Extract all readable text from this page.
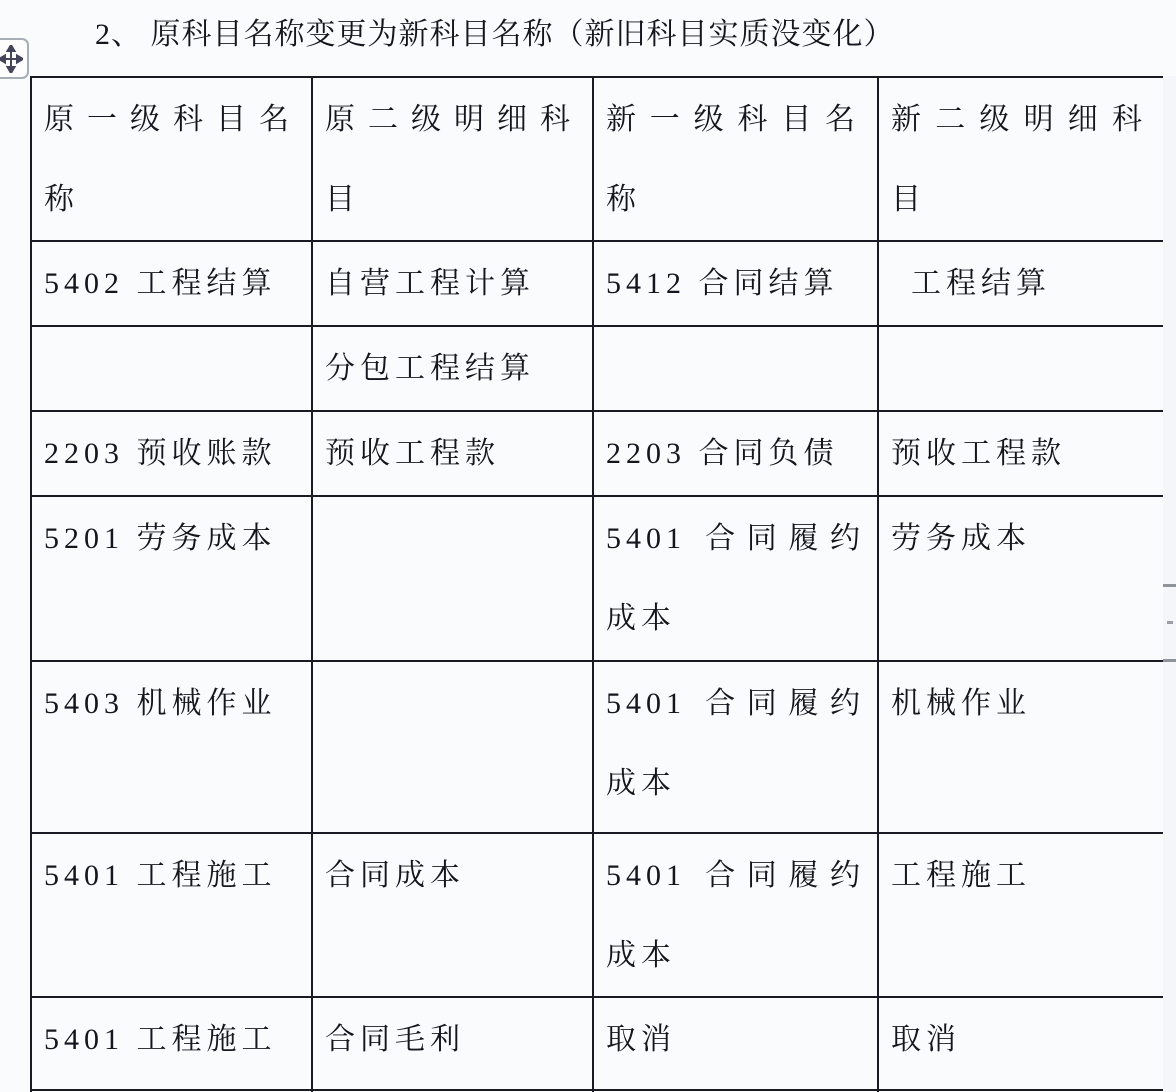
2、 原科目名称变更为新科目名称（新旧科目实质没变化）
原一级科目名称	原二级明细科目	新一级科目名称	新二级明细科目
5402 工程结算	自营工程计算	5412 合同结算	 工程结算
	分包工程结算		
2203 预收账款	预收工程款	2203 合同负债	预收工程款
5201 劳务成本		5401 合同履约成本	劳务成本
5403 机械作业		5401 合同履约成本	机械作业
5401 工程施工	合同成本	5401 合同履约成本	工程施工
5401 工程施工	合同毛利	取消	取消
